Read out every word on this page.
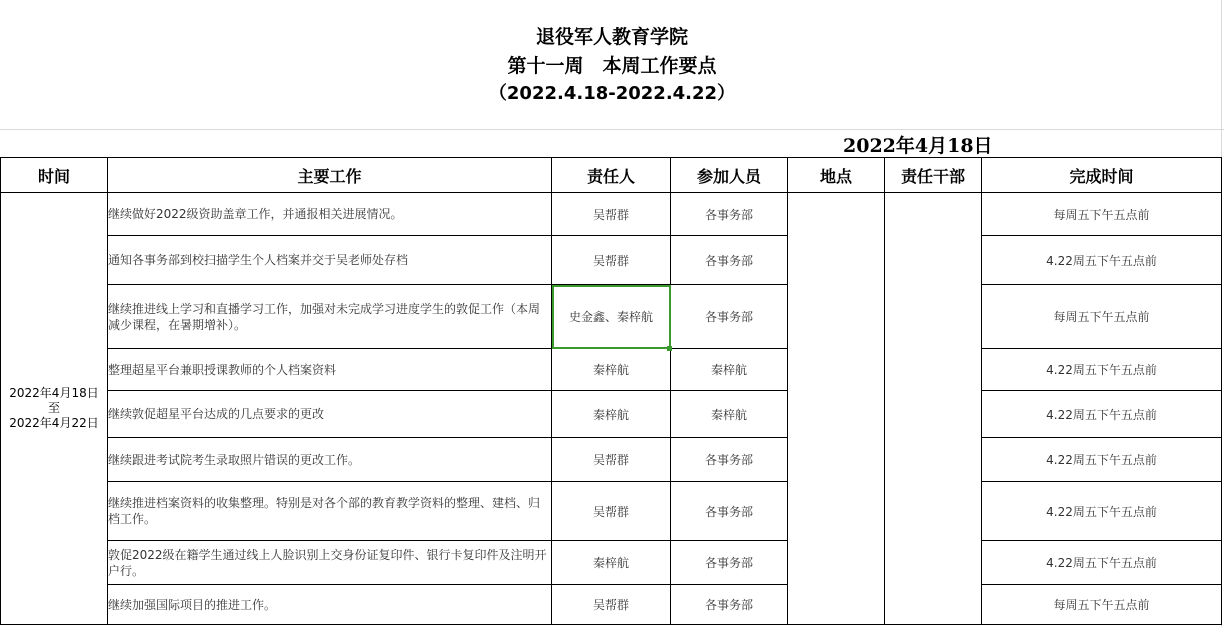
退役军人教育学院
第十一周　本周工作要点
（2022.4.18-2022.4.22）
2022年4月18日
时间	主要工作	责任人	参加人员	地点	责任干部	完成时间

2022年4月18日
至
2022年4月22日	继续做好2022级资助盖章工作，并通报相关进展情况。	吴帮群	各事务部			每周五下午五点前
	通知各事务部到校扫描学生个人档案并交于吴老师处存档	吴帮群	各事务部			4.22周五下午五点前
	继续推进线上学习和直播学习工作，加强对未完成学习进度学生的敦促工作（本周减少课程，在暑期增补）。	史金鑫、秦梓航	各事务部			每周五下午五点前
	整理超星平台兼职授课教师的个人档案资料	秦梓航	秦梓航			4.22周五下午五点前
	继续敦促超星平台达成的几点要求的更改	秦梓航	秦梓航			4.22周五下午五点前
	继续跟进考试院考生录取照片错误的更改工作。	吴帮群	各事务部			4.22周五下午五点前
	继续推进档案资料的收集整理。特别是对各个部的教育教学资料的整理、建档、归档工作。	吴帮群	各事务部			4.22周五下午五点前
	敦促2022级在籍学生通过线上人脸识别上交身份证复印件、银行卡复印件及注明开户行。	秦梓航	各事务部			4.22周五下午五点前
	继续加强国际项目的推进工作。	吴帮群	各事务部			每周五下午五点前
